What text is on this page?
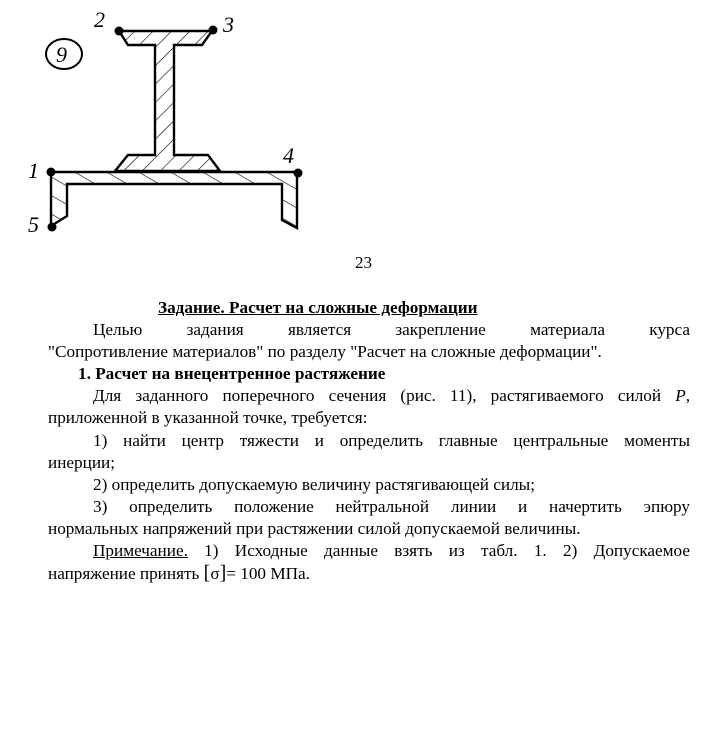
9
1
2	3
4
5
23

Задание. Расчет на сложные деформации

Целью задания является закрепление материала курса

"Сопротивление материалов" по разделу "Расчет на сложные деформации".

1. Расчет на внецентренное растяжение

Для заданного поперечного сечения (рис. 11), растягиваемого силой P,

приложенной в указанной точке, требуется:

1) найти центр тяжести и определить главные центральные моменты

инерции;

2) определить допускаемую величину растягивающей силы;

3) определить положение нейтральной линии и начертить эпюру

нормальных напряжений при растяжении силой допускаемой величины.

Примечание. 1) Исходные данные взять из табл. 1. 2) Допускаемое

напряжение принять [σ]= 100 МПа.
